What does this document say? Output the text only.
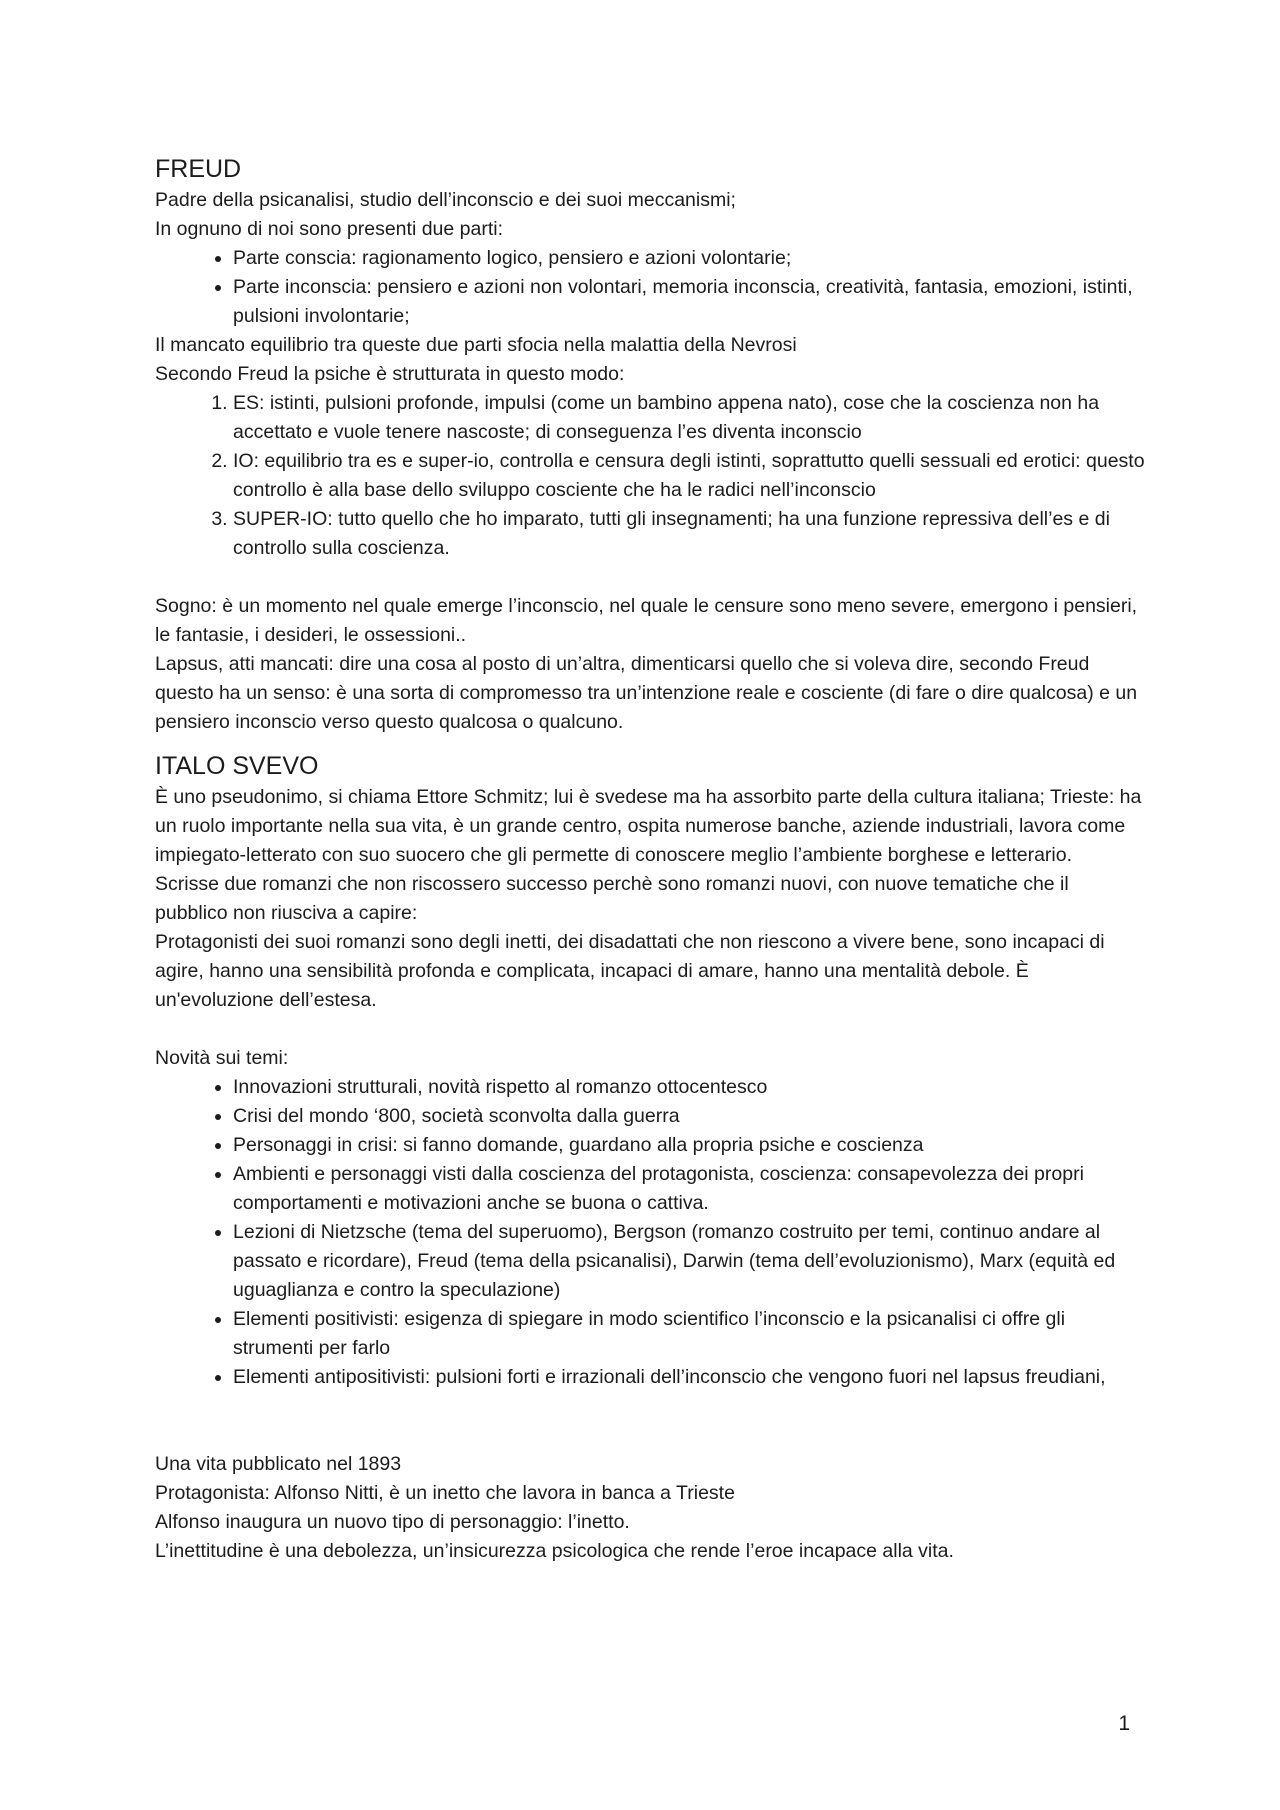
FREUD

Padre della psicanalisi, studio dell’inconscio e dei suoi meccanismi;

In ognuno di noi sono presenti due parti:

• Parte conscia: ragionamento logico, pensiero e azioni volontarie;
• Parte inconscia: pensiero e azioni non volontari, memoria inconscia, creatività, fantasia, emozioni, istinti, pulsioni involontarie;

Il mancato equilibrio tra queste due parti sfocia nella malattia della Nevrosi

Secondo Freud la psiche è strutturata in questo modo:

1. ES: istinti, pulsioni profonde, impulsi (come un bambino appena nato), cose che la coscienza non ha accettato e vuole tenere nascoste; di conseguenza l’es diventa inconscio
2. IO: equilibrio tra es e super-io, controlla e censura degli istinti, soprattutto quelli sessuali ed erotici: questo controllo è alla base dello sviluppo cosciente che ha le radici nell’inconscio
3. SUPER-IO: tutto quello che ho imparato, tutti gli insegnamenti; ha una funzione repressiva dell’es e di controllo sulla coscienza.

Sogno: è un momento nel quale emerge l’inconscio, nel quale le censure sono meno severe, emergono i pensieri, le fantasie, i desideri, le ossessioni..

Lapsus, atti mancati: dire una cosa al posto di un’altra, dimenticarsi quello che si voleva dire, secondo Freud questo ha un senso: è una sorta di compromesso tra un’intenzione reale e cosciente (di fare o dire qualcosa) e un pensiero inconscio verso questo qualcosa o qualcuno.

ITALO SVEVO

È uno pseudonimo, si chiama Ettore Schmitz; lui è svedese ma ha assorbito parte della cultura italiana; Trieste: ha un ruolo importante nella sua vita, è un grande centro, ospita numerose banche, aziende industriali, lavora come impiegato-letterato con suo suocero che gli permette di conoscere meglio l’ambiente borghese e letterario.

Scrisse due romanzi che non riscossero successo perchè sono romanzi nuovi, con nuove tematiche che il pubblico non riusciva a capire:

Protagonisti dei suoi romanzi sono degli inetti, dei disadattati che non riescono a vivere bene, sono incapaci di agire, hanno una sensibilità profonda e complicata, incapaci di amare, hanno una mentalità debole. È un'evoluzione dell’estesa.

Novità sui temi:

• Innovazioni strutturali, novità rispetto al romanzo ottocentesco
• Crisi del mondo ‘800, società sconvolta dalla guerra
• Personaggi in crisi: si fanno domande, guardano alla propria psiche e coscienza
• Ambienti e personaggi visti dalla coscienza del protagonista, coscienza: consapevolezza dei propri comportamenti e motivazioni anche se buona o cattiva.
• Lezioni di Nietzsche (tema del superuomo), Bergson (romanzo costruito per temi, continuo andare al passato e ricordare), Freud (tema della psicanalisi), Darwin (tema dell’evoluzionismo), Marx (equità ed uguaglianza e contro la speculazione)
• Elementi positivisti: esigenza di spiegare in modo scientifico l’inconscio e la psicanalisi ci offre gli strumenti per farlo
• Elementi antipositivisti: pulsioni forti e irrazionali dell’inconscio che vengono fuori nel lapsus freudiani,

Una vita pubblicato nel 1893

Protagonista: Alfonso Nitti, è un inetto che lavora in banca a Trieste

Alfonso inaugura un nuovo tipo di personaggio: l’inetto.

L’inettitudine è una debolezza, un’insicurezza psicologica che rende l’eroe incapace alla vita.

1
